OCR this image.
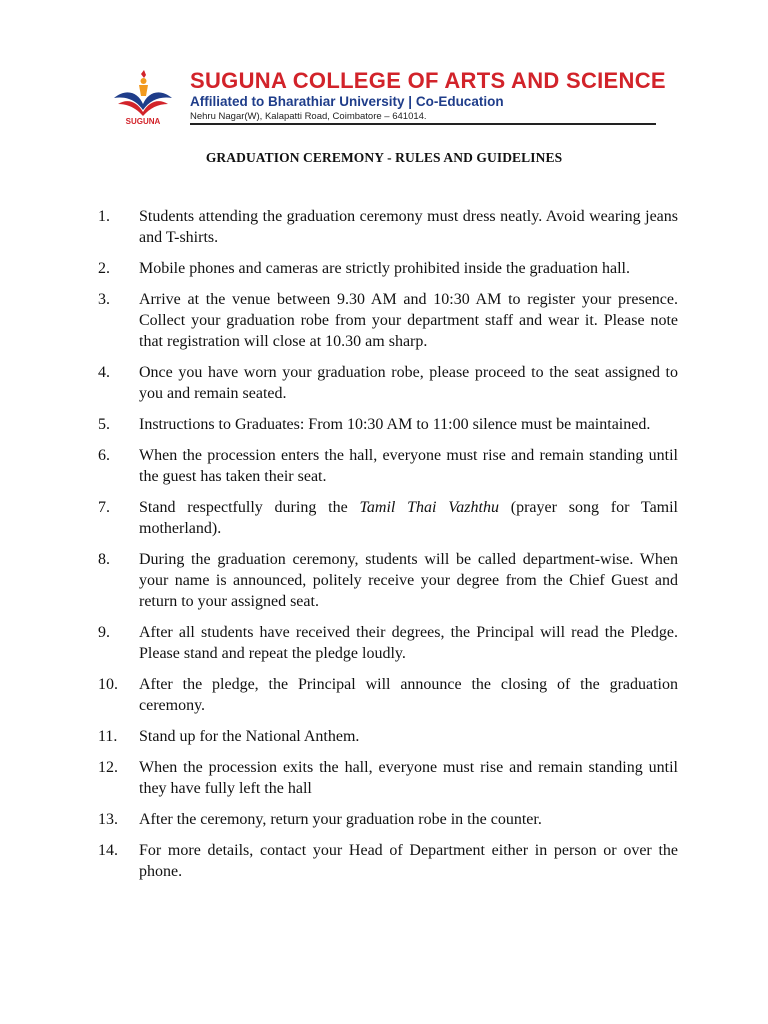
SUGUNA
SUGUNA COLLEGE OF ARTS AND SCIENCE
Affiliated to Bharathiar University | Co-Education
Nehru Nagar(W), Kalapatti Road, Coimbatore – 641014.
GRADUATION CEREMONY - RULES AND GUIDELINES
1. Students attending the graduation ceremony must dress neatly. Avoid wearing jeans and T-shirts.
2. Mobile phones and cameras are strictly prohibited inside the graduation hall.
3. Arrive at the venue between 9.30 AM and 10:30 AM to register your presence. Collect your graduation robe from your department staff and wear it. Please note that registration will close at 10.30 am sharp.
4. Once you have worn your graduation robe, please proceed to the seat assigned to you and remain seated.
5. Instructions to Graduates: From 10:30 AM to 11:00 silence must be maintained.
6. When the procession enters the hall, everyone must rise and remain standing until the guest has taken their seat.
7. Stand respectfully during the Tamil Thai Vazhthu (prayer song for Tamil motherland).
8. During the graduation ceremony, students will be called department-wise. When your name is announced, politely receive your degree from the Chief Guest and return to your assigned seat.
9. After all students have received their degrees, the Principal will read the Pledge. Please stand and repeat the pledge loudly.
10. After the pledge, the Principal will announce the closing of the graduation ceremony.
11. Stand up for the National Anthem.
12. When the procession exits the hall, everyone must rise and remain standing until they have fully left the hall
13. After the ceremony, return your graduation robe in the counter.
14. For more details, contact your Head of Department either in person or over the phone.
